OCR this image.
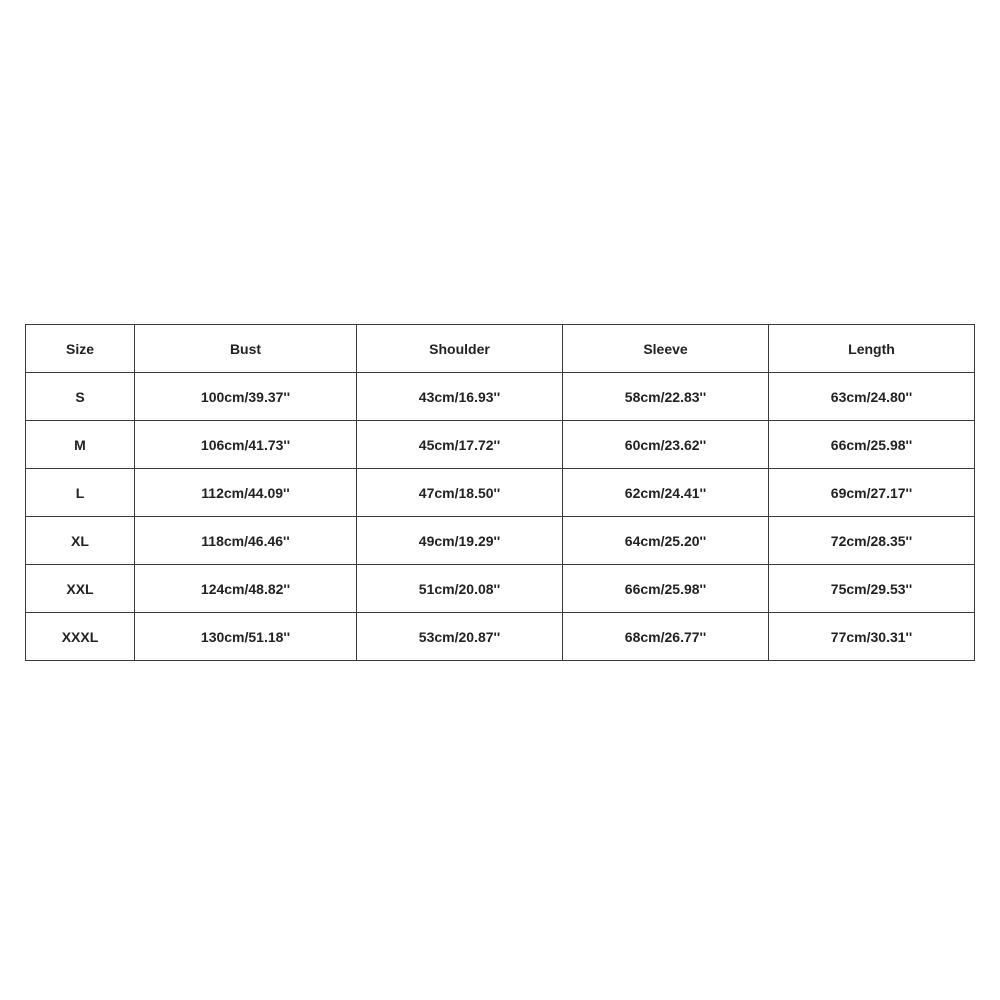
Size	Bust	Shoulder	Sleeve	Length
S	100cm/39.37''	43cm/16.93''	58cm/22.83''	63cm/24.80''
M	106cm/41.73''	45cm/17.72''	60cm/23.62''	66cm/25.98''
L	112cm/44.09''	47cm/18.50''	62cm/24.41''	69cm/27.17''
XL	118cm/46.46''	49cm/19.29''	64cm/25.20''	72cm/28.35''
XXL	124cm/48.82''	51cm/20.08''	66cm/25.98''	75cm/29.53''
XXXL	130cm/51.18''	53cm/20.87''	68cm/26.77''	77cm/30.31''
